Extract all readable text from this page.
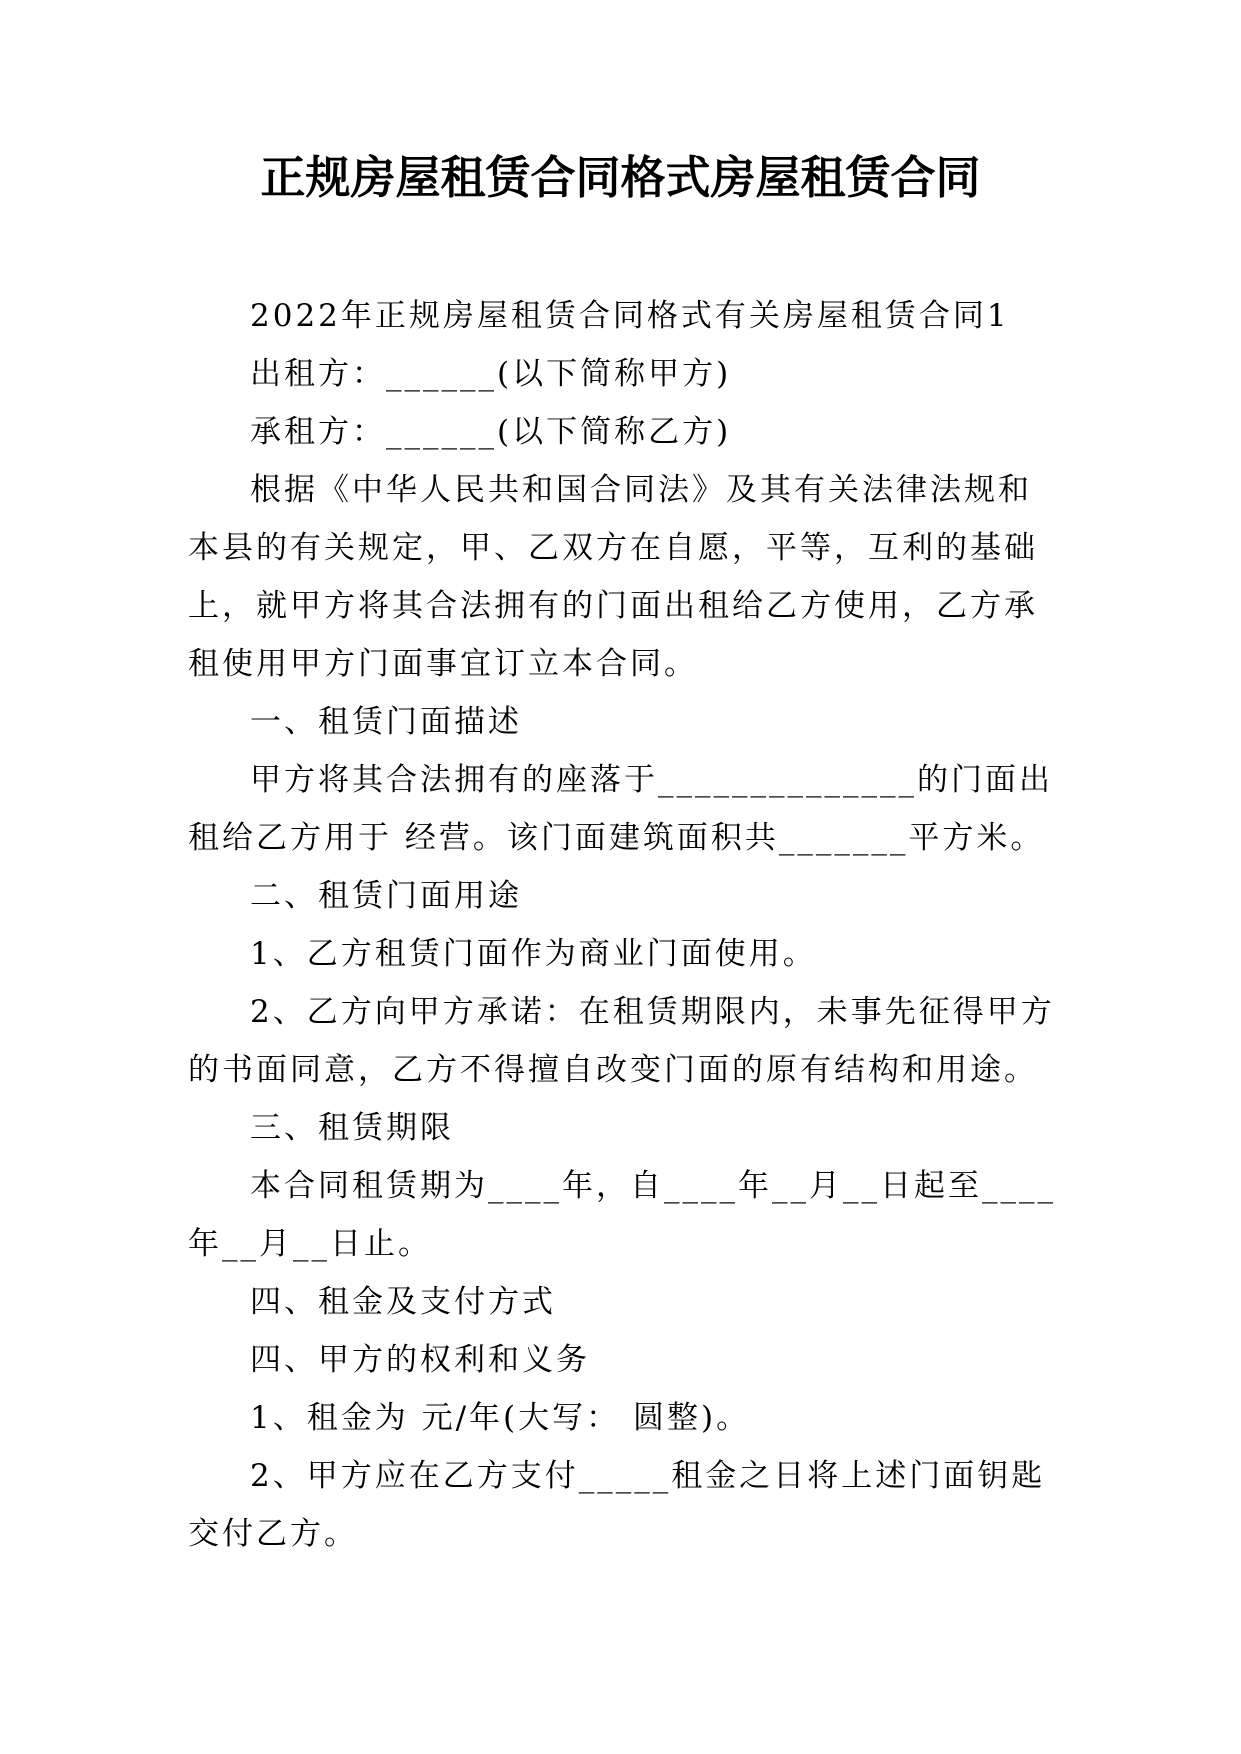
正规房屋租赁合同格式房屋租赁合同

2022年正规房屋租赁合同格式有关房屋租赁合同1

出租方：______(以下简称甲方)

承租方：______(以下简称乙方)

根据《中华人民共和国合同法》及其有关法律法规和本县的有关规定，甲、乙双方在自愿，平等，互利的基础上，就甲方将其合法拥有的门面出租给乙方使用，乙方承租使用甲方门面事宜订立本合同。

一、租赁门面描述

甲方将其合法拥有的座落于______________的门面出租给乙方用于 经营。该门面建筑面积共_______平方米。

二、租赁门面用途

1、乙方租赁门面作为商业门面使用。

2、乙方向甲方承诺：在租赁期限内，未事先征得甲方的书面同意，乙方不得擅自改变门面的原有结构和用途。

三、租赁期限

本合同租赁期为____年，自____年__月__日起至____年__月__日止。

四、租金及支付方式

四、甲方的权利和义务

1、租金为 元/年(大写： 圆整)。

2、甲方应在乙方支付_____租金之日将上述门面钥匙交付乙方。
